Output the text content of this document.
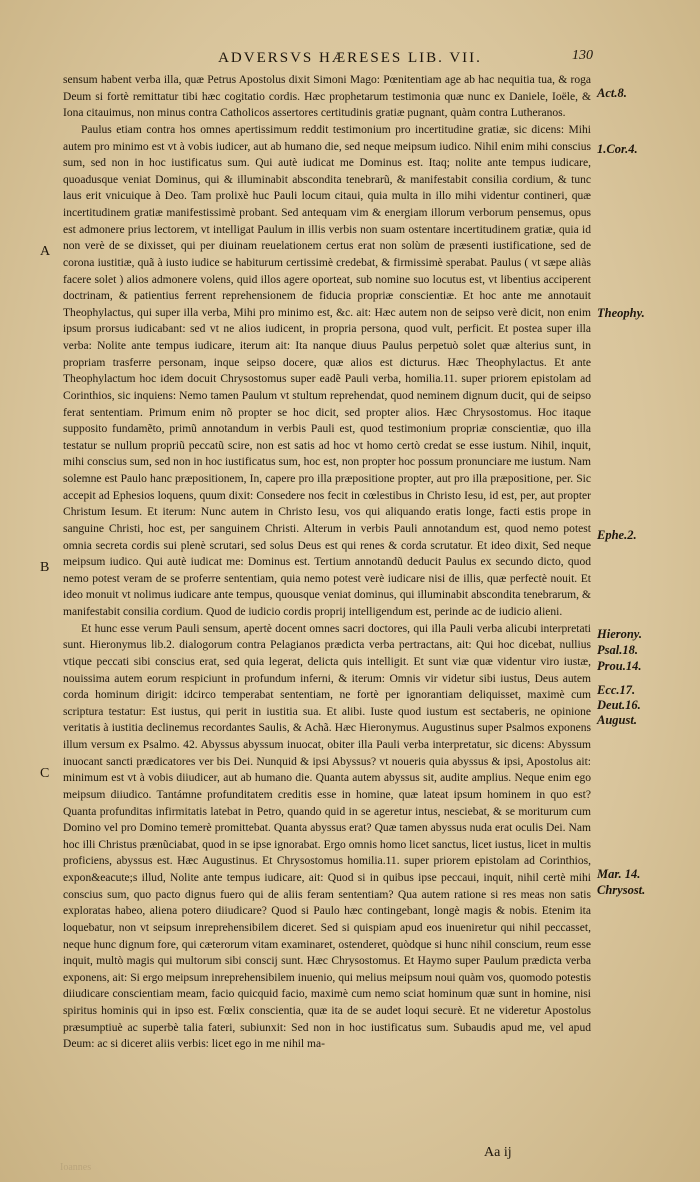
ADVERSVS HÆRESES LIB. VII.	130

sensum habent verba illa, quæ Petrus Apostolus dixit Simoni Mago: Pœnitentiam age ab hac nequitia tua, & roga Deum si fortè remittatur tibi hæc cogitatio cordis. Hæc prophetarum testimonia quæ nunc ex Daniele, Ioële, & Iona citauimus, non minus contra Catholicos assertores certitudinis gratiæ pugnant, quàm contra Lutheranos.

Paulus etiam contra hos omnes apertissimum reddit testimonium pro incertitudine gratiæ, sic dicens: Mihi autem pro minimo est vt à vobis iudicer, aut ab humano die, sed neque meipsum iudico. Nihil enim mihi conscius sum, sed non in hoc iustificatus sum. Qui autè iudicat me Dominus est. Itaq; nolite ante tempus iudicare, quoadusque veniat Dominus, qui & illuminabit abscondita tenebrarũ, & manifestabit consilia cordium, & tunc laus erit vnicuique à Deo. Tam prolixè huc Pauli locum citaui, quia multa in illo mihi videntur contineri, quæ incertitudinem gratiæ manifestissimè probant. Sed antequam vim & energiam illorum verborum pensemus, opus est admonere prius lectorem, vt intelligat Paulum in illis verbis non suam ostentare incertitudinem gratiæ, quia id non verè de se dixisset, qui per diuinam reuelationem certus erat non solùm de præsenti iustificatione, sed de corona iustitiæ, quã à iusto iudice se habiturum certissimè credebat, & firmissimè sperabat. Paulus ( vt sæpe aliàs facere solet ) alios admonere volens, quid illos agere oporteat, sub nomine suo locutus est, vt libentius acciperent doctrinam, & patientius ferrent reprehensionem de fiducia propriæ conscientiæ. Et hoc ante me annotauit Theophylactus, qui super illa verba, Mihi pro minimo est, &c. ait: Hæc autem non de seipso verè dicit, non enim ipsum prorsus iudicabant: sed vt ne alios iudicent, in propria persona, quod vult, perficit. Et postea super illa verba: Nolite ante tempus iudicare, iterum ait: Ita nanque diuus Paulus perpetuò solet quæ alterius sunt, in propriam trasferre personam, inque seipso docere, quæ alios est dicturus. Hæc Theophylactus. Et ante Theophylactum hoc idem docuit Chrysostomus super eadẽ Pauli verba, homilia.11. super priorem epistolam ad Corinthios, sic inquiens: Nemo tamen Paulum vt stultum reprehendat, quod neminem dignum ducit, qui de seipso ferat sententiam. Primum enim nõ propter se hoc dicit, sed propter alios. Hæc Chrysostomus. Hoc itaque supposito fundamẽto, primũ annotandum in verbis Pauli est, quod testimonium propriæ conscientiæ, quo illa testatur se nullum propriũ peccatũ scire, non est satis ad hoc vt homo certò credat se esse iustum. Nihil, inquit, mihi conscius sum, sed non in hoc iustificatus sum, hoc est, non propter hoc possum pronunciare me iustum. Nam solemne est Paulo hanc præpositionem, In, capere pro illa præpositione propter, aut pro illa præpositione, per. Sic accepit ad Ephesios loquens, quum dixit: Consedere nos fecit in cœlestibus in Christo Iesu, id est, per, aut propter Christum Iesum. Et iterum: Nunc autem in Christo Iesu, vos qui aliquando eratis longe, facti estis prope in sanguine Christi, hoc est, per sanguinem Christi. Alterum in verbis Pauli annotandum est, quod nemo potest omnia secreta cordis sui plenè scrutari, sed solus Deus est qui renes & corda scrutatur. Et ideo dixit, Sed neque meipsum iudico. Qui autè iudicat me: Dominus est. Tertium annotandũ deducit Paulus ex secundo dicto, quod nemo potest veram de se proferre sententiam, quia nemo potest verè iudicare nisi de illis, quæ perfectè nouit. Et ideo monuit vt nolimus iudicare ante tempus, quousque veniat dominus, qui illuminabit abscondita tenebrarum, & manifestabit consilia cordium. Quod de iudicio cordis proprij intelligendum est, perinde ac de iudicio alieni.

Et hunc esse verum Pauli sensum, apertè docent omnes sacri doctores, qui illa Pauli verba alicubi interpretati sunt. Hieronymus lib.2. dialogorum contra Pelagianos prædicta verba pertractans, ait: Qui hoc dicebat, nullius vtique peccati sibi conscius erat, sed quia legerat, delicta quis intelligit. Et sunt viæ quæ videntur viro iustæ, nouissima autem eorum respiciunt in profundum inferni, & iterum: Omnis vir videtur sibi iustus, Deus autem corda hominum dirigit: idcirco temperabat sententiam, ne fortè per ignorantiam deliquisset, maximè cum scriptura testatur: Est iustus, qui perit in iustitia sua. Et alibi. Iuste quod iustum est sectaberis, ne opinione veritatis à iustitia declinemus recordantes Saulis, & Achã. Hæc Hieronymus. Augustinus super Psalmos exponens illum versum ex Psalmo. 42. Abyssus abyssum inuocat, obiter illa Pauli verba interpretatur, sic dicens: Abyssum inuocant sancti prædicatores ver bis Dei. Nunquid & ipsi Abyssus? vt noueris quia abyssus & ipsi, Apostolus ait: minimum est vt à vobis diiudicer, aut ab humano die. Quanta autem abyssus sit, audite amplius. Neque enim ego meipsum diiudico. Tantámne profunditatem creditis esse in homine, quæ lateat ipsum hominem in quo est? Quanta profunditas infirmitatis latebat in Petro, quando quid in se ageretur intus, nesciebat, & se moriturum cum Domino vel pro Domino temerè promittebat. Quanta abyssus erat? Quæ tamen abyssus nuda erat oculis Dei. Nam hoc illi Christus prænũciabat, quod in se ipse ignorabat. Ergo omnis homo licet sanctus, licet iustus, licet in multis proficiens, abyssus est. Hæc Augustinus. Et Chrysostomus homilia.11. super priorem epistolam ad Corinthios, expon&eacute;s illud, Nolite ante tempus iudicare, ait: Quod si in quibus ipse peccaui, inquit, nihil certè mihi conscius sum, quo pacto dignus fuero qui de aliis feram sententiam? Qua autem ratione si res meas non satis exploratas habeo, aliena potero diiudicare? Quod si Paulo hæc contingebant, longè magis & nobis. Etenim ita loquebatur, non vt seipsum inreprehensibilem diceret. Sed si quispiam apud eos inueniretur qui nihil peccasset, neque hunc dignum fore, qui cæterorum vitam examinaret, ostenderet, quòdque si hunc nihil conscium, reum esse inquit, multò magis qui multorum sibi conscij sunt. Hæc Chrysostomus. Et Haymo super Paulum prædicta verba exponens, ait: Si ergo meipsum inreprehensibilem inuenio, qui melius meipsum noui quàm vos, quomodo potestis diiudicare conscientiam meam, facio quicquid facio, maximè cum nemo sciat hominum quæ sunt in homine, nisi spiritus hominis qui in ipso est. Fœlix conscientia, quæ ita de se audet loqui securè. Et ne videretur Apostolus præsumptiuè ac superbè talia fateri, subiunxit: Sed non in hoc iustificatus sum. Subaudis apud me, vel apud Deum: ac si diceret aliis verbis: licet ego in me nihil ma-

A
B
C
Act.8.
1.Cor.4.
Theophy.
Ephe.2.
Hierony.
Psal.18.
Prou.14.
Ecc.17.
Deut.16.
August.
Mar. 14.
Chrysost.
Aa ij
Ioannes
